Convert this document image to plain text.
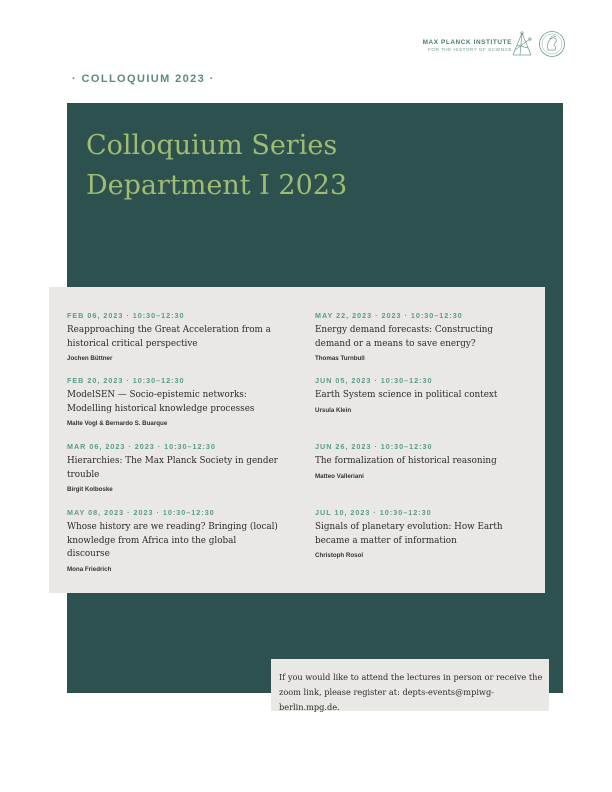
MAX PLANCK INSTITUTE
FOR THE HISTORY OF SCIENCE
· COLLOQUIUM 2023 ·
Colloquium Series
Department I 2023
FEB 06, 2023 · 10:30–12:30
Reapproaching the Great Acceleration from a historical critical perspective
Jochen Büttner
FEB 20, 2023 · 10:30–12:30
ModelSEN — Socio-epistemic networks: Modelling historical knowledge processes
Malte Vogl & Bernardo S. Buarque
MAR 06, 2023 · 2023 · 10:30–12:30
Hierarchies: The Max Planck Society in gender trouble
Birgit Kolboske
MAY 08, 2023 · 2023 · 10:30–12:30
Whose history are we reading? Bringing (local) knowledge from Africa into the global discourse
Mona Friedrich
MAY 22, 2023 · 2023 · 10:30–12:30
Energy demand forecasts: Constructing demand or a means to save energy?
Thomas Turnbull
JUN 05, 2023 · 10:30–12:30
Earth System science in political context
Ursula Klein
JUN 26, 2023 · 10:30–12:30
The formalization of historical reasoning
Matteo Valleriani
JUL 10, 2023 · 10:30–12:30
Signals of planetary evolution: How Earth became a matter of information
Christoph Rosol
If you would like to attend the lectures in person or receive the zoom link, please register at: depts-events@mpiwg-berlin.mpg.de.
